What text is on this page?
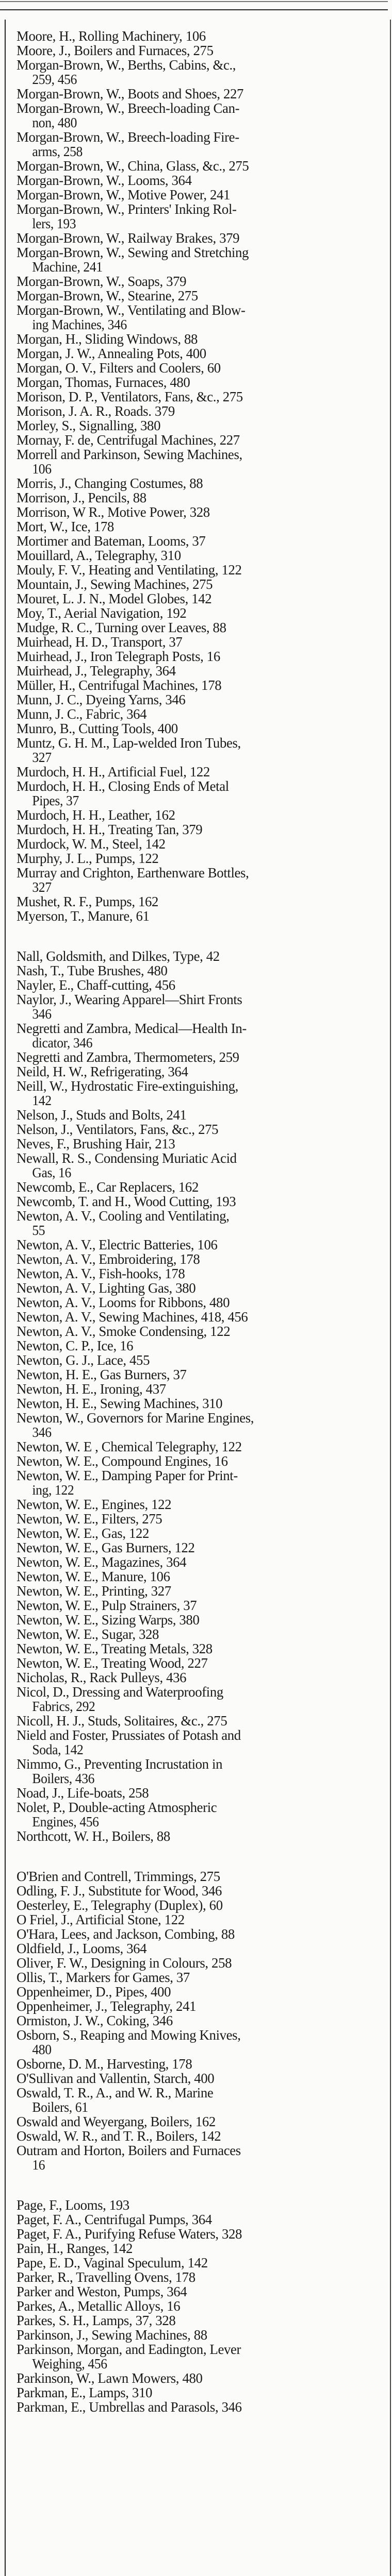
Moore, H., Rolling Machinery, 106
Moore, J., Boilers and Furnaces, 275
Morgan-Brown, W., Berths, Cabins, &c.,
259, 456
Morgan-Brown, W., Boots and Shoes, 227
Morgan-Brown, W., Breech-loading Can-
non, 480
Morgan-Brown, W., Breech-loading Fire-
arms, 258
Morgan-Brown, W., China, Glass, &c., 275
Morgan-Brown, W., Looms, 364
Morgan-Brown, W., Motive Power, 241
Morgan-Brown, W., Printers' Inking Rol-
lers, 193
Morgan-Brown, W., Railway Brakes, 379
Morgan-Brown, W., Sewing and Stretching
Machine, 241
Morgan-Brown, W., Soaps, 379
Morgan-Brown, W., Stearine, 275
Morgan-Brown, W., Ventilating and Blow-
ing Machines, 346
Morgan, H., Sliding Windows, 88
Morgan, J. W., Annealing Pots, 400
Morgan, O. V., Filters and Coolers, 60
Morgan, Thomas, Furnaces, 480
Morison, D. P., Ventilators, Fans, &c., 275
Morison, J. A. R., Roads. 379
Morley, S., Signalling, 380
Mornay, F. de, Centrifugal Machines, 227
Morrell and Parkinson, Sewing Machines,
106
Morris, J., Changing Costumes, 88
Morrison, J., Pencils, 88
Morrison, W R., Motive Power, 328
Mort, W., Ice, 178
Mortimer and Bateman, Looms, 37
Mouillard, A., Telegraphy, 310
Mouly, F. V., Heating and Ventilating, 122
Mountain, J., Sewing Machines, 275
Mouret, L. J. N., Model Globes, 142
Moy, T., Aerial Navigation, 192
Mudge, R. C., Turning over Leaves, 88
Muirhead, H. D., Transport, 37
Muirhead, J., Iron Telegraph Posts, 16
Muirhead, J., Telegraphy, 364
Müller, H., Centrifugal Machines, 178
Munn, J. C., Dyeing Yarns, 346
Munn, J. C., Fabric, 364
Munro, B., Cutting Tools, 400
Muntz, G. H. M., Lap-welded Iron Tubes,
327
Murdoch, H. H., Artificial Fuel, 122
Murdoch, H. H., Closing Ends of Metal
Pipes, 37
Murdoch, H. H., Leather, 162
Murdoch, H. H., Treating Tan, 379
Murdock, W. M., Steel, 142
Murphy, J. L., Pumps, 122
Murray and Crighton, Earthenware Bottles,
327
Mushet, R. F., Pumps, 162
Myerson, T., Manure, 61
Nall, Goldsmith, and Dilkes, Type, 42
Nash, T., Tube Brushes, 480
Nayler, E., Chaff-cutting, 456
Naylor, J., Wearing Apparel—Shirt Fronts
346
Negretti and Zambra, Medical—Health In-
dicator, 346
Negretti and Zambra, Thermometers, 259
Neild, H. W., Refrigerating, 364
Neill, W., Hydrostatic Fire-extinguishing,
142
Nelson, J., Studs and Bolts, 241
Nelson, J., Ventilators, Fans, &c., 275
Neves, F., Brushing Hair, 213
Newall, R. S., Condensing Muriatic Acid
Gas, 16
Newcomb, E., Car Replacers, 162
Newcomb, T. and H., Wood Cutting, 193
Newton, A. V., Cooling and Ventilating,
55
Newton, A. V., Electric Batteries, 106
Newton, A. V., Embroidering, 178
Newton, A. V., Fish-hooks, 178
Newton, A. V., Lighting Gas, 380
Newton, A. V., Looms for Ribbons, 480
Newton, A. V., Sewing Machines, 418, 456
Newton, A. V., Smoke Condensing, 122
Newton, C. P., Ice, 16
Newton, G. J., Lace, 455
Newton, H. E., Gas Burners, 37
Newton, H. E., Ironing, 437
Newton, H. E., Sewing Machines, 310
Newton, W., Governors for Marine Engines,
346
Newton, W. E , Chemical Telegraphy, 122
Newton, W. E., Compound Engines, 16
Newton, W. E., Damping Paper for Print-
ing, 122
Newton, W. E., Engines, 122
Newton, W. E., Filters, 275
Newton, W. E., Gas, 122
Newton, W. E., Gas Burners, 122
Newton, W. E., Magazines, 364
Newton, W. E., Manure, 106
Newton, W. E., Printing, 327
Newton, W. E., Pulp Strainers, 37
Newton, W. E., Sizing Warps, 380
Newton, W. E., Sugar, 328
Newton, W. E., Treating Metals, 328
Newton, W. E., Treating Wood, 227
Nicholas, R., Rack Pulleys, 436
Nicol, D., Dressing and Waterproofing
Fabrics, 292
Nicoll, H. J., Studs, Solitaires, &c., 275
Nield and Foster, Prussiates of Potash and
Soda, 142
Nimmo, G., Preventing Incrustation in
Boilers, 436
Noad, J., Life-boats, 258
Nolet, P., Double-acting Atmospheric
Engines, 456
Northcott, W. H., Boilers, 88
O'Brien and Contrell, Trimmings, 275
Odling, F. J., Substitute for Wood, 346
Oesterley, E., Telegraphy (Duplex), 60
O Friel, J., Artificial Stone, 122
O'Hara, Lees, and Jackson, Combing, 88
Oldfield, J., Looms, 364
Oliver, F. W., Designing in Colours, 258
Ollis, T., Markers for Games, 37
Oppenheimer, D., Pipes, 400
Oppenheimer, J., Telegraphy, 241
Ormiston, J. W., Coking, 346
Osborn, S., Reaping and Mowing Knives,
480
Osborne, D. M., Harvesting, 178
O'Sullivan and Vallentin, Starch, 400
Oswald, T. R., A., and W. R., Marine
Boilers, 61
Oswald and Weyergang, Boilers, 162
Oswald, W. R., and T. R., Boilers, 142
Outram and Horton, Boilers and Furnaces
16
Page, F., Looms, 193
Paget, F. A., Centrifugal Pumps, 364
Paget, F. A., Purifying Refuse Waters, 328
Pain, H., Ranges, 142
Pape, E. D., Vaginal Speculum, 142
Parker, R., Travelling Ovens, 178
Parker and Weston, Pumps, 364
Parkes, A., Metallic Alloys, 16
Parkes, S. H., Lamps, 37, 328
Parkinson, J., Sewing Machines, 88
Parkinson, Morgan, and Eadington, Lever
Weighing, 456
Parkinson, W., Lawn Mowers, 480
Parkman, E., Lamps, 310
Parkman, E., Umbrellas and Parasols, 346
